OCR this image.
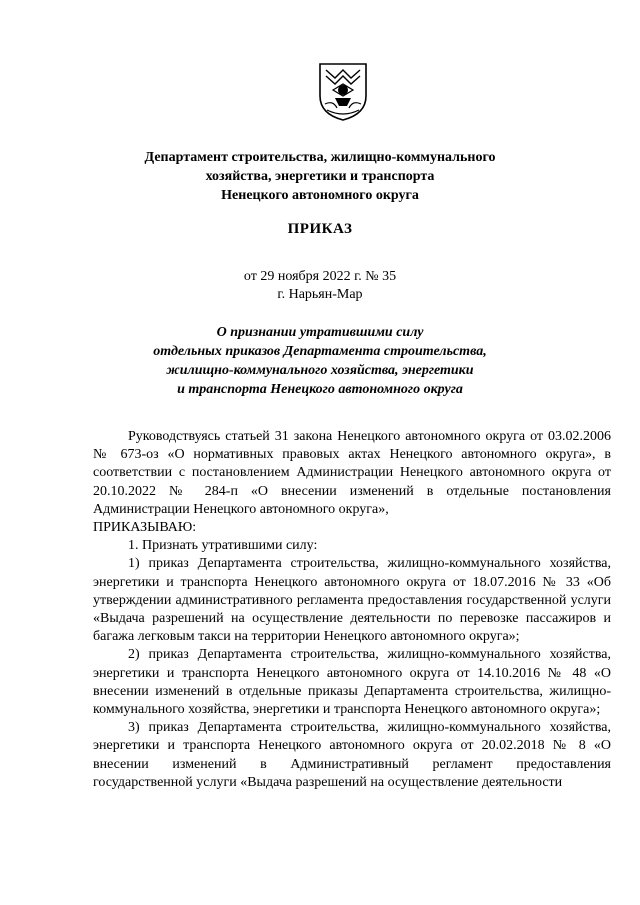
Департамент строительства, жилищно-коммунального
хозяйства, энергетики и транспорта
Ненецкого автономного округа
ПРИКАЗ
от 29 ноября 2022 г. № 35
г. Нарьян-Мар
О признании утратившими силу
отдельных приказов Департамента строительства,
жилищно-коммунального хозяйства, энергетики
и транспорта Ненецкого автономного округа

Руководствуясь статьей 31 закона Ненецкого автономного округа от 03.02.2006 № 673-оз «О нормативных правовых актах Ненецкого автономного округа», в соответствии с постановлением Администрации Ненецкого автономного округа от 20.10.2022 № 284-п «О внесении изменений в отдельные постановления Администрации Ненецкого автономного округа»,

ПРИКАЗЫВАЮ:

1. Признать утратившими силу:

1) приказ Департамента строительства, жилищно-коммунального хозяйства, энергетики и транспорта Ненецкого автономного округа от 18.07.2016 № 33 «Об утверждении административного регламента предоставления государственной услуги «Выдача разрешений на осуществление деятельности по перевозке пассажиров и багажа легковым такси на территории Ненецкого автономного округа»;

2) приказ Департамента строительства, жилищно-коммунального хозяйства, энергетики и транспорта Ненецкого автономного округа от 14.10.2016 № 48 «О внесении изменений в отдельные приказы Департамента строительства, жилищно-коммунального хозяйства, энергетики и транспорта Ненецкого автономного округа»;

3) приказ Департамента строительства, жилищно-коммунального хозяйства, энергетики и транспорта Ненецкого автономного округа от 20.02.2018 № 8 «О внесении изменений в Административный регламент предоставления государственной услуги «Выдача разрешений на осуществление деятельности
